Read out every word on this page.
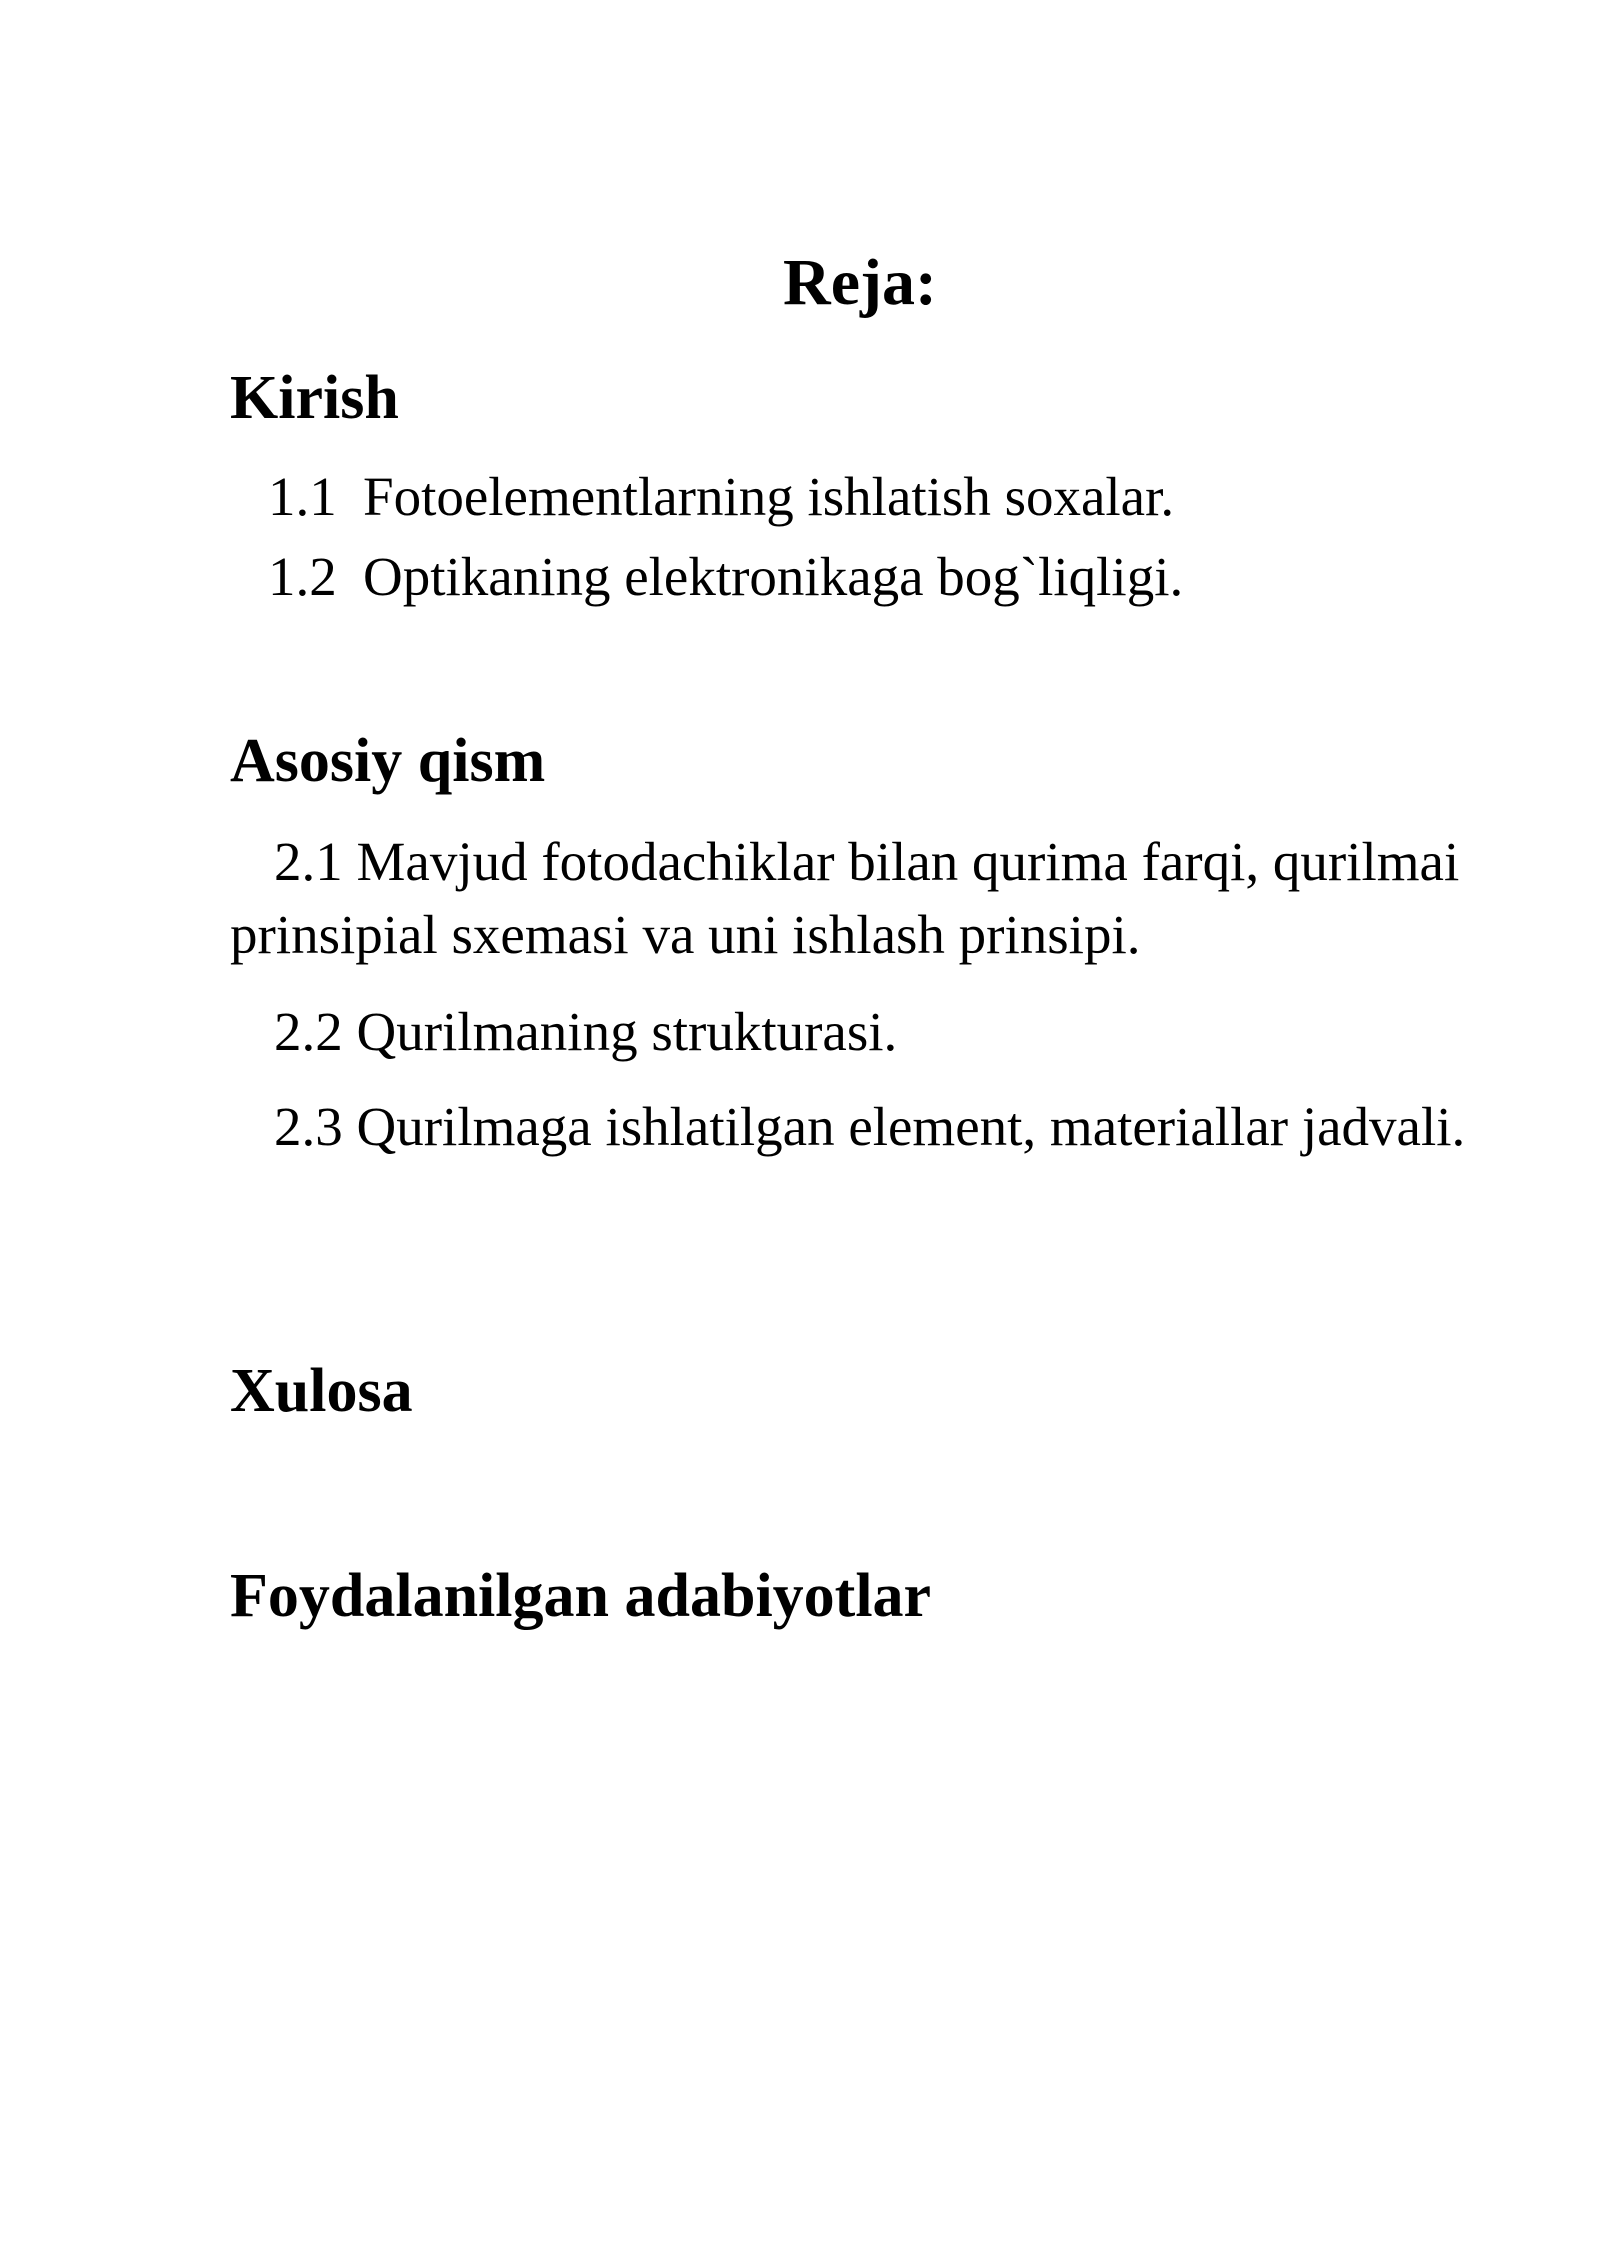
Reja:
Kirish

1.1 Fotoelementlarning ishlatish soxalar.

1.2 Optikaning elektronikaga bog`liqligi.

Asosiy qism

2.1 Mavjud fotodachiklar bilan qurima farqi, qurilmai prinsipial sxemasi va uni ishlash prinsipi.

2.2 Qurilmaning strukturasi.

2.3 Qurilmaga ishlatilgan element, materiallar jadvali.

Xulosa
Foydalanilgan adabiyotlar
